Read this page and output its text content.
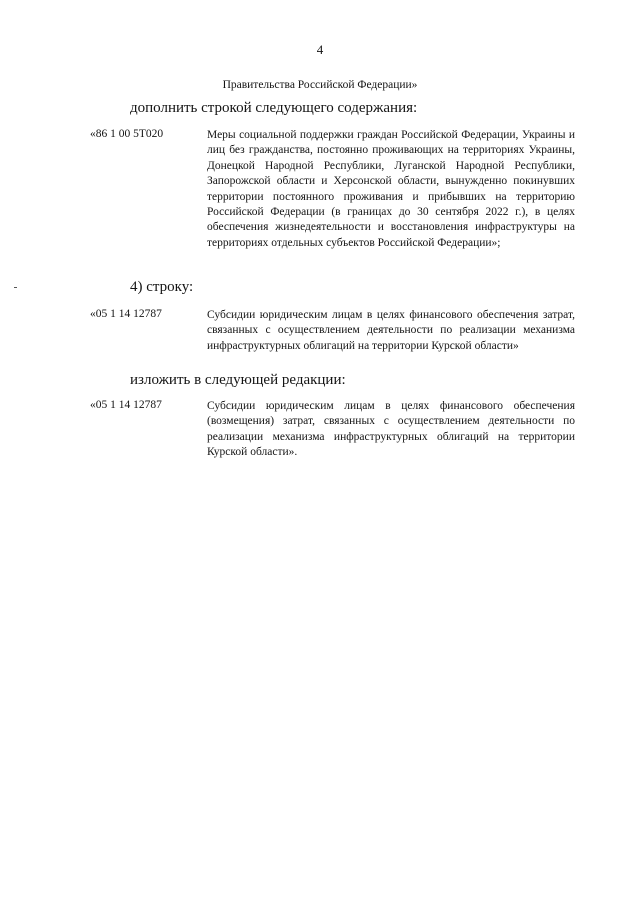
4
Правительства Российской Федерации»
дополнить строкой следующего содержания:
«86 1 00 5Т020	Меры социальной поддержки граждан Российской Федерации, Украины и лиц без гражданства, постоянно проживающих на территориях Украины, Донецкой Народной Республики, Луганской Народной Республики, Запорожской области и Херсонской области, вынужденно покинувших территории постоянного проживания и прибывших на территорию Российской Федерации (в границах до 30 сентября 2022 г.), в целях обеспечения жизнедеятельности и восстановления инфраструктуры на территориях отдельных субъектов Российской Федерации»;
4) строку:
«05 1 14 12787	Субсидии юридическим лицам в целях финансового обеспечения затрат, связанных с осуществлением деятельности по реализации механизма инфраструктурных облигаций на территории Курской области»
изложить в следующей редакции:
«05 1 14 12787	Субсидии юридическим лицам в целях финансового обеспечения (возмещения) затрат, связанных с осуществлением деятельности по реализации механизма инфраструктурных облигаций на территории Курской области».
